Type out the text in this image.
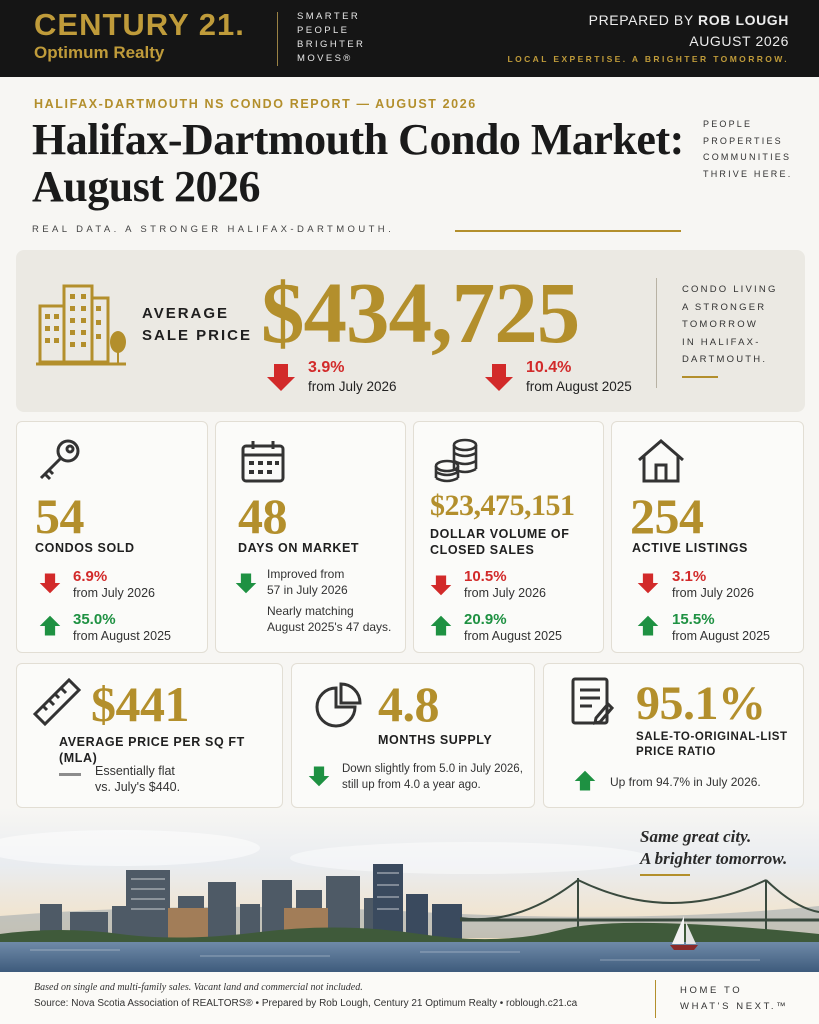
CENTURY 21.
Optimum Realty
SMARTER
PEOPLE
BRIGHTER
MOVES®
PREPARED BY ROB LOUGH
AUGUST 2026
LOCAL EXPERTISE. A BRIGHTER TOMORROW.
HALIFAX-DARTMOUTH NS CONDO REPORT — AUGUST 2026
Halifax-Dartmouth Condo Market:
August 2026
PEOPLE
PROPERTIES
COMMUNITIES
THRIVE HERE.
REAL DATA. A STRONGER HALIFAX-DARTMOUTH.
AVERAGE
SALE PRICE $434,725
3.9%
from July 2026
10.4%
from August 2025
CONDO LIVING
A STRONGER
TOMORROW
IN HALIFAX-
DARTMOUTH.
54
CONDOS SOLD
6.9%
from July 2026
35.0%
from August 2025
48
DAYS ON MARKET
Improved from
57 in July 2026
Nearly matching
August 2025's 47 days.
$23,475,151
DOLLAR VOLUME OF
CLOSED SALES
10.5%
from July 2026
20.9%
from August 2025
254
ACTIVE LISTINGS
3.1%
from July 2026
15.5%
from August 2025
$441
AVERAGE PRICE PER SQ FT (MLA)
Essentially flat
vs. July's $440.
4.8
MONTHS SUPPLY
Down slightly from 5.0 in July 2026,
still up from 4.0 a year ago.
95.1%
SALE-TO-ORIGINAL-LIST
PRICE RATIO
Up from 94.7% in July 2026.
Same great city.
A brighter tomorrow.
Based on single and multi-family sales. Vacant land and commercial not included.
Source: Nova Scotia Association of REALTORS® • Prepared by Rob Lough, Century 21 Optimum Realty • roblough.c21.ca
HOME TO
WHAT'S NEXT.™
